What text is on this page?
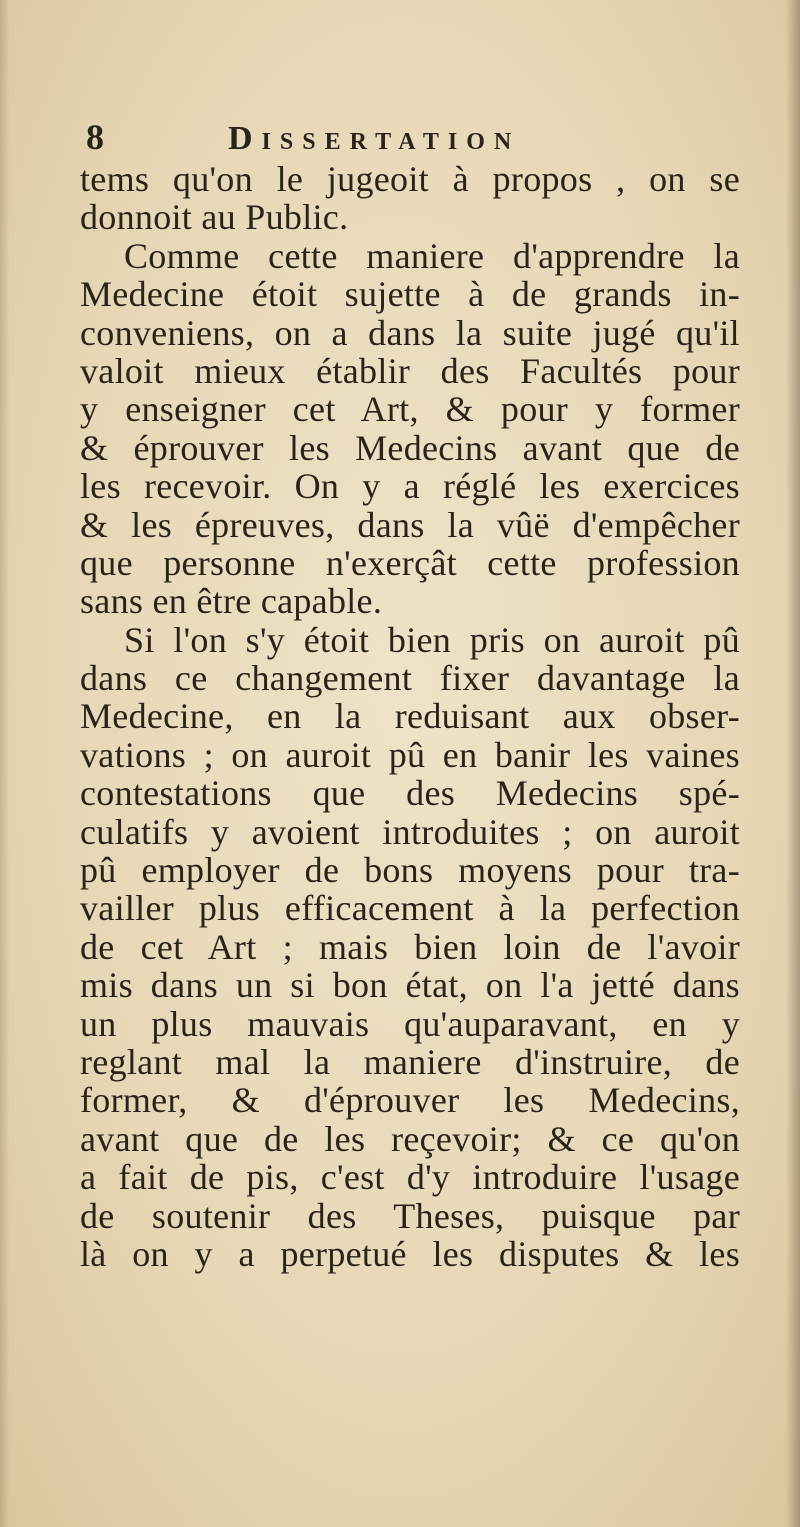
8	Dissertation
tems qu'on le jugeoit à propos , on se
donnoit au Public.
Comme cette maniere d'apprendre la
Medecine étoit sujette à de grands in-
conveniens, on a dans la suite jugé qu'il
valoit mieux établir des Facultés pour
y enseigner cet Art, & pour y former
& éprouver les Medecins avant que de
les recevoir. On y a réglé les exercices
& les épreuves, dans la vûë d'empêcher
que personne n'exerçât cette profession
sans en être capable.
Si l'on s'y étoit bien pris on auroit pû
dans ce changement fixer davantage la
Medecine, en la reduisant aux obser-
vations ; on auroit pû en banir les vaines
contestations que des Medecins spé-
culatifs y avoient introduites ; on auroit
pû employer de bons moyens pour tra-
vailler plus efficacement à la perfection
de cet Art ; mais bien loin de l'avoir
mis dans un si bon état, on l'a jetté dans
un plus mauvais qu'auparavant, en y
reglant mal la maniere d'instruire, de
former, & d'éprouver les Medecins,
avant que de les reçevoir; & ce qu'on
a fait de pis, c'est d'y introduire l'usage
de soutenir des Theses, puisque par
là on y a perpetué les disputes & les
